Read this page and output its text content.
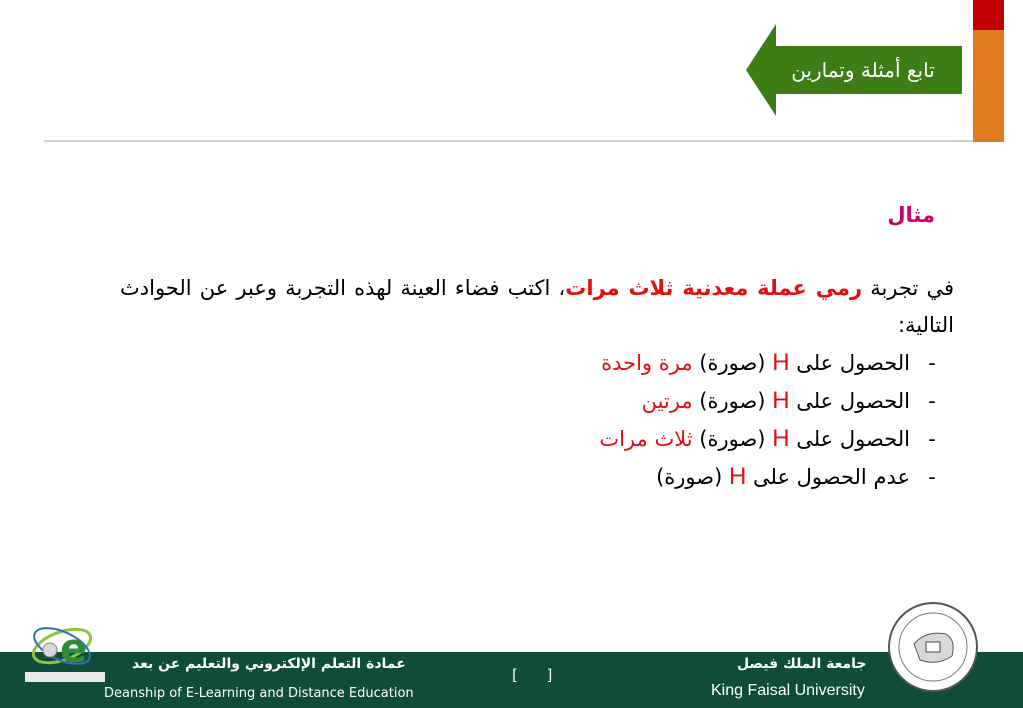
تابع أمثلة وتمارين
مثال

في تجربة رمي عملة معدنية ثلاث مرات، اكتب فضاء العينة لهذه التجربة وعبر عن الحوادث التالية:

-الحصول على H (صورة) مرة واحدة
-الحصول على H (صورة) مرتين
-الحصول على H (صورة) ثلاث مرات
-عدم الحصول على H (صورة)
e	عمادة التعلم الإلكتروني والتعليم عن بعد
Deanship of E-Learning and Distance Education
[      ]
جامعة الملك فيصل
King Faisal University
